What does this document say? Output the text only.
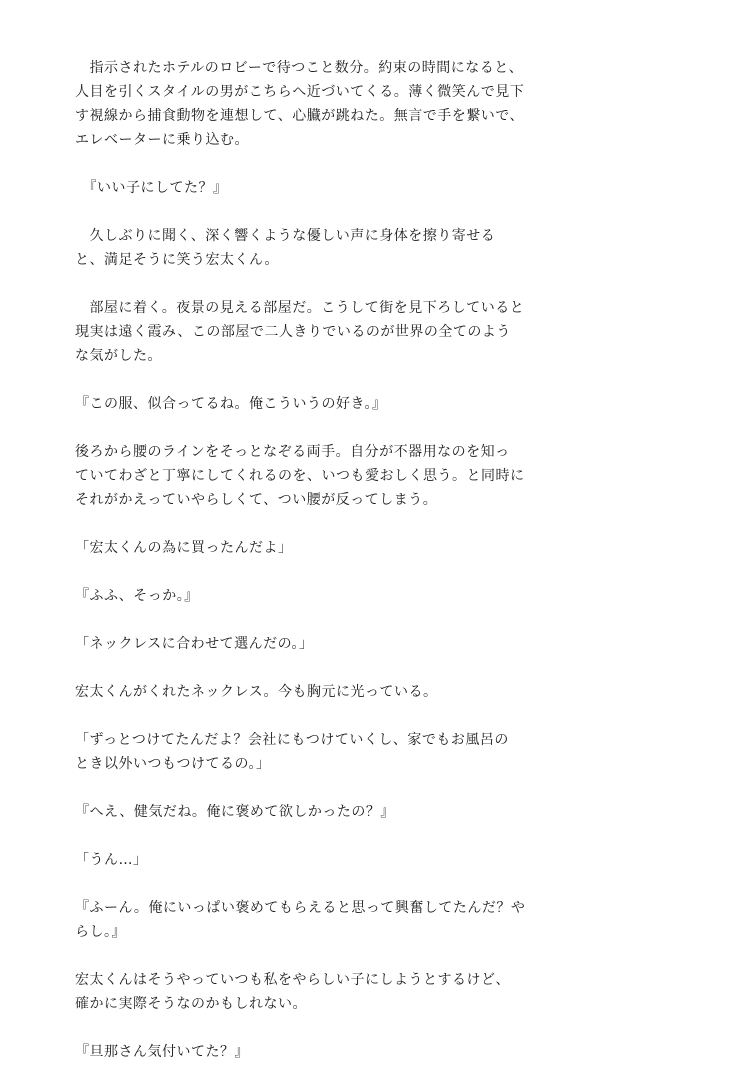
　指示されたホテルのロビーで待つこと数分。約束の時間になると、
人目を引くスタイルの男がこちらへ近づいてくる。薄く微笑んで見下
す視線から捕食動物を連想して、心臓が跳ねた。無言で手を繋いで、
エレベーターに乗り込む。

　『いい子にしてた？』

　久しぶりに聞く、深く響くような優しい声に身体を擦り寄せる
と、満足そうに笑う宏太くん。

　部屋に着く。夜景の見える部屋だ。こうして街を見下ろしていると
現実は遠く霞み、この部屋で二人きりでいるのが世界の全てのよう
な気がした。

『この服、似合ってるね。俺こういうの好き。』

後ろから腰のラインをそっとなぞる両手。自分が不器用なのを知っ
ていてわざと丁寧にしてくれるのを、いつも愛おしく思う。と同時に
それがかえっていやらしくて、つい腰が反ってしまう。

「宏太くんの為に買ったんだよ」

『ふふ、そっか。』

「ネックレスに合わせて選んだの。」

宏太くんがくれたネックレス。今も胸元に光っている。

「ずっとつけてたんだよ？会社にもつけていくし、家でもお風呂の
とき以外いつもつけてるの。」

『へえ、健気だね。俺に褒めて欲しかったの？』

「うん…」

『ふーん。俺にいっぱい褒めてもらえると思って興奮してたんだ？や
らし。』

宏太くんはそうやっていつも私をやらしい子にしようとするけど、
確かに実際そうなのかもしれない。

『旦那さん気付いてた？』
